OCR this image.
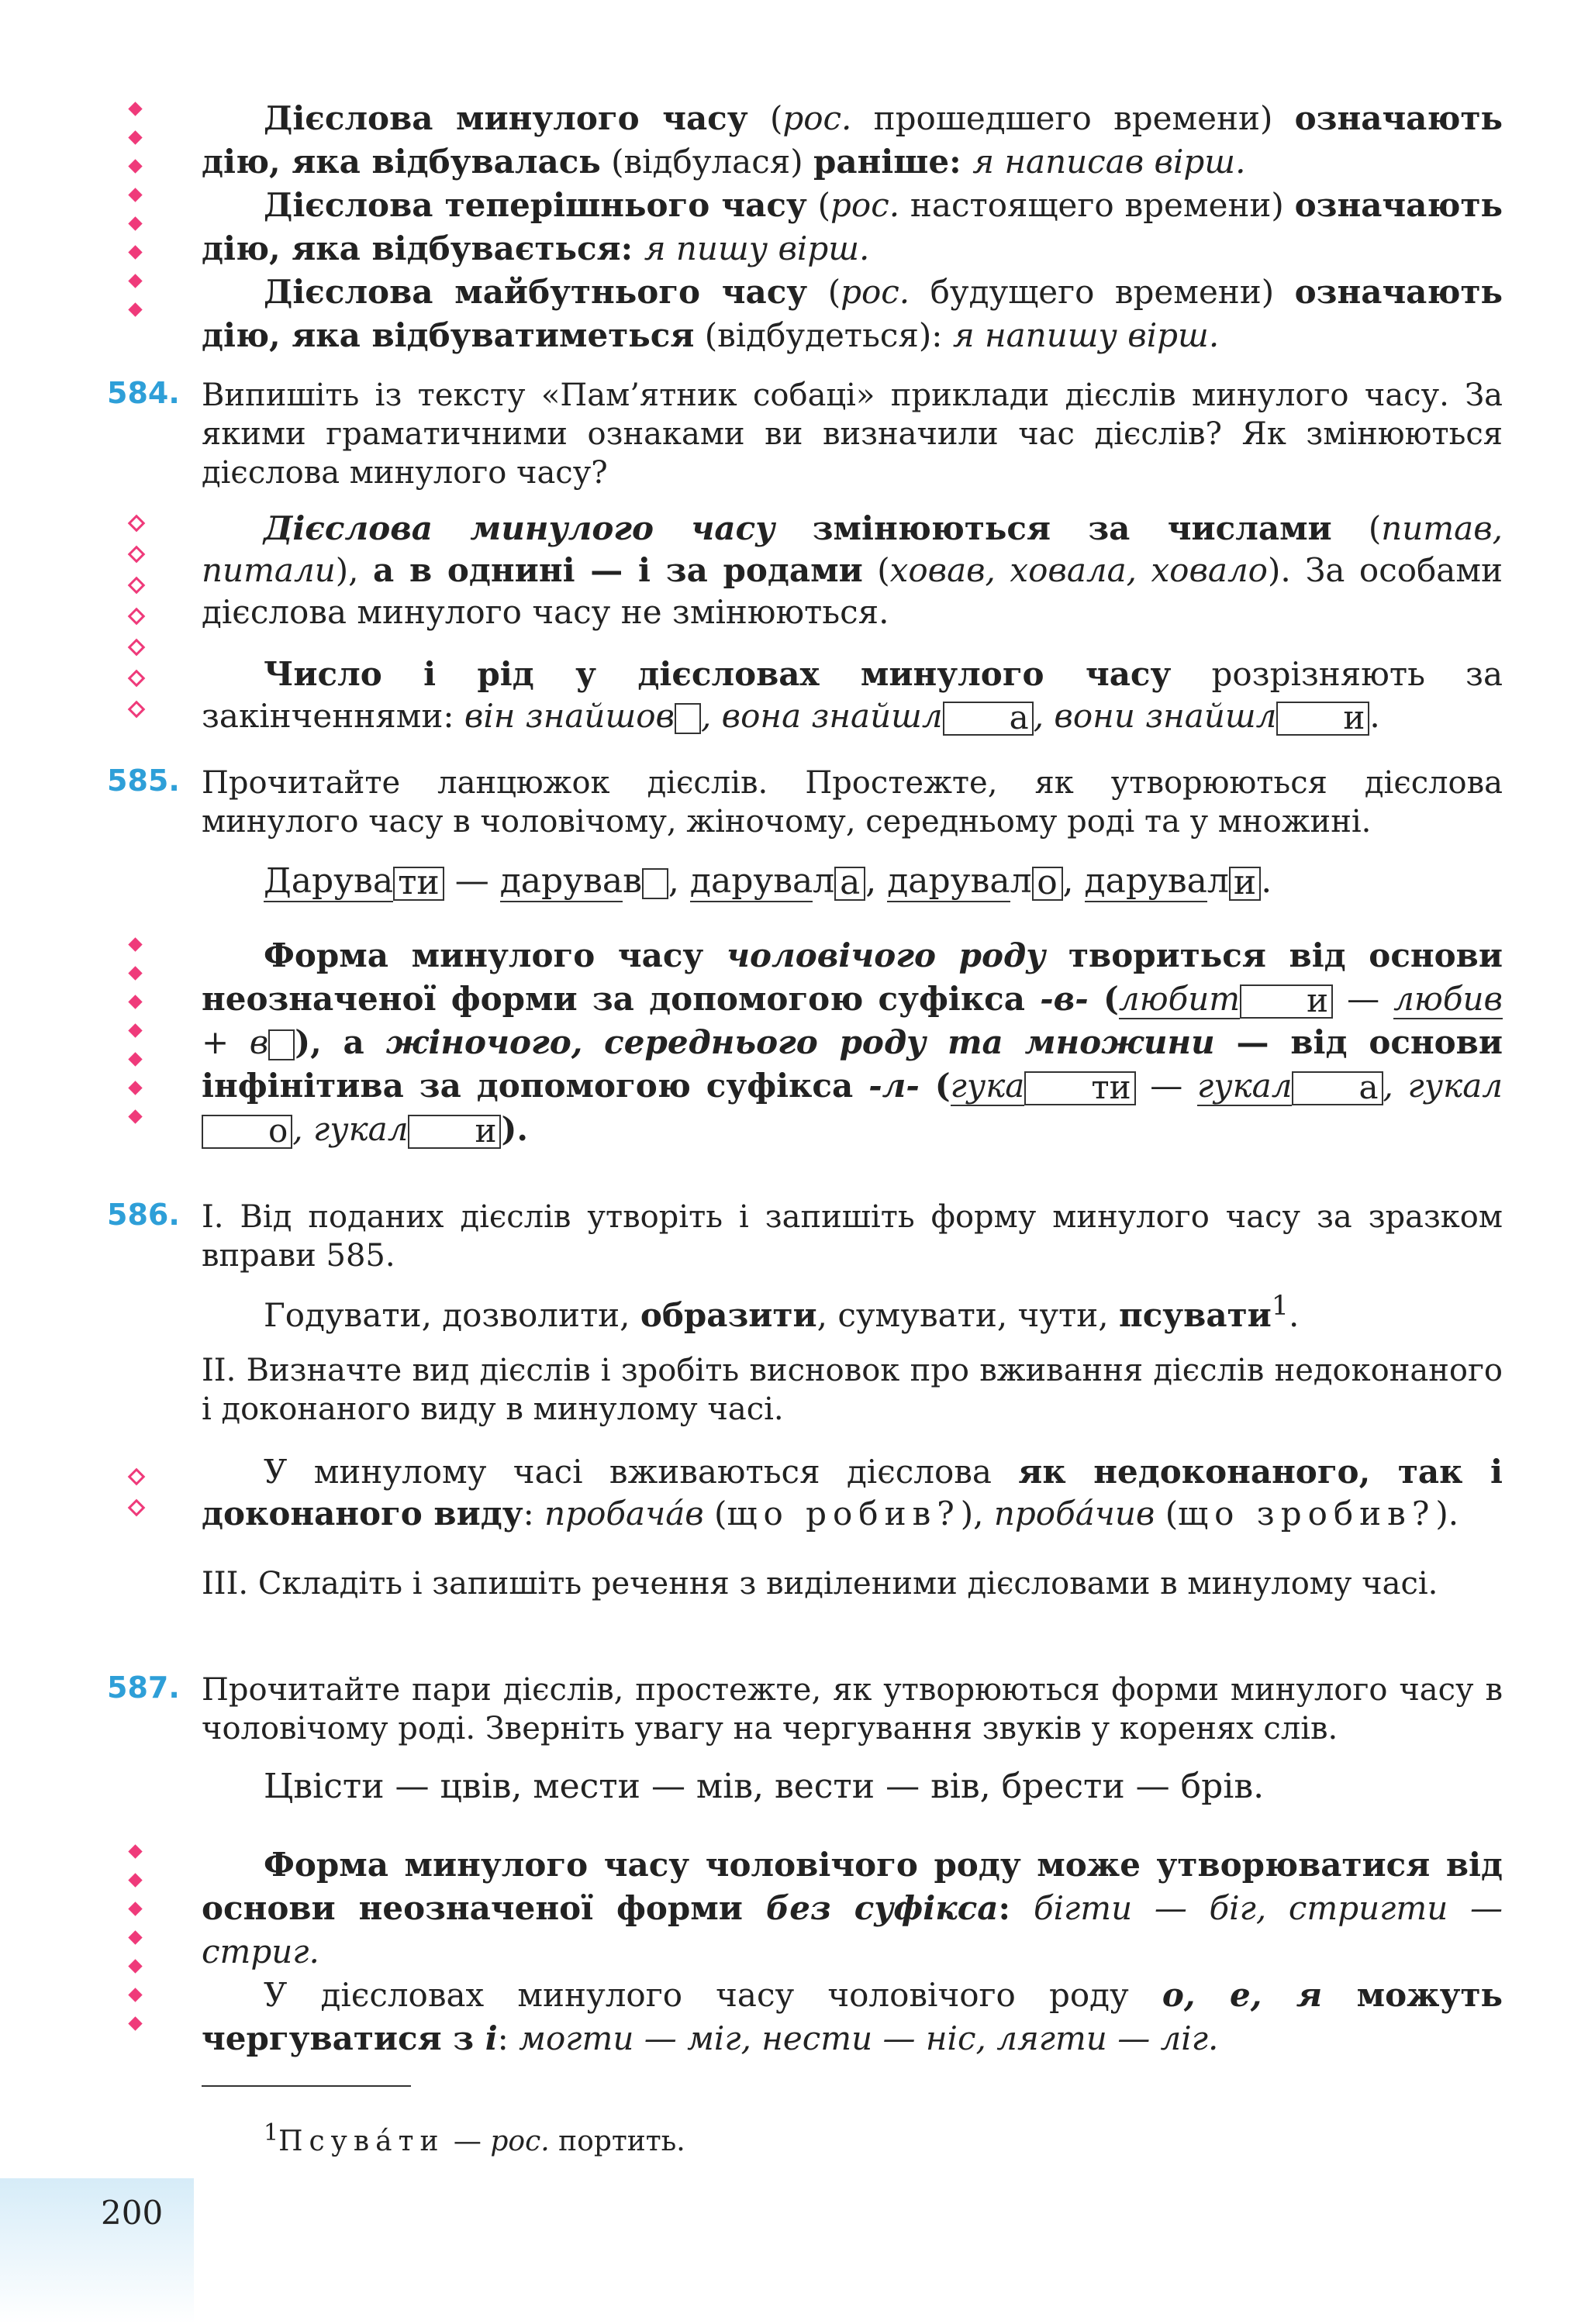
Дієслова минулого часу (рос. прошедшего времени) означають дію, яка відбувалась (відбулася) раніше: я написав вірш.

Дієслова теперішнього часу (рос. настоящего времени) означають дію, яка відбувається: я пишу вірш.

Дієслова майбутнього часу (рос. будущего времени) означають дію, яка відбуватиметься (відбудеться): я напишу вірш.

584. Випишіть із тексту «Пам’ятник собаці» приклади дієслів минулого часу. За якими граматичними ознаками ви визначили час дієслів? Як змінюються дієслова минулого часу?

Дієслова минулого часу змінюються за числами (питав, питали), а в однині — і за родами (ховав, ховала, ховало). За особами дієслова минулого часу не змінюються.

Число і рід у дієсловах минулого часу розрізняють за закінченнями: він знайшов , вона знайшл а , вони знайшл и .

585. Прочитайте ланцюжок дієслів. Простежте, як утворюються дієслова минулого часу в чоловічому, жіночому, середньому роді та у множині.
Дарува ти — дарував , дарувал а , дарувал о , дарувал и .

Форма минулого часу чоловічого роду твориться від основи неозначеної форми за допомогою суфікса -в- (любит и — любив + в ), а жіночого, середнього роду та множини — від основи інфінітива за допомогою суфікса -л- (гука ти — гукал а , гукало , гукал и ).

586. І. Від поданих дієслів утворіть і запишіть форму минулого часу за зразком вправи 585.
Годувати, дозволити, образити, сумувати, чути, псувати$^1$.
ІІ. Визначте вид дієслів і зробіть висновок про вживання дієслів недоконаного і доконаного виду в минулому часі.

У минулому часі вживаються дієслова як недоконаного, так і доконаного виду: пробачáв (що робив?), пробáчив (що зробив?).

ІІІ. Складіть і запишіть речення з виділеними дієсловами в минулому часі.
587. Прочитайте пари дієслів, простежте, як утворюються форми минулого часу в чоловічому роді. Зверніть увагу на чергування звуків у коренях слів.
Цвісти — цвів, мести — мів, вести — вів, брести — брів.

Форма минулого часу чоловічого роду може утворюватися від основи неозначеної форми без суфікса: бігти — біг, стригти — стриг.

У дієсловах минулого часу чоловічого роду о, е, я можуть чергуватися з і: могти — міг, нести — ніс, лягти — ліг.

$^1$Псувáти — рос. портить.
200
